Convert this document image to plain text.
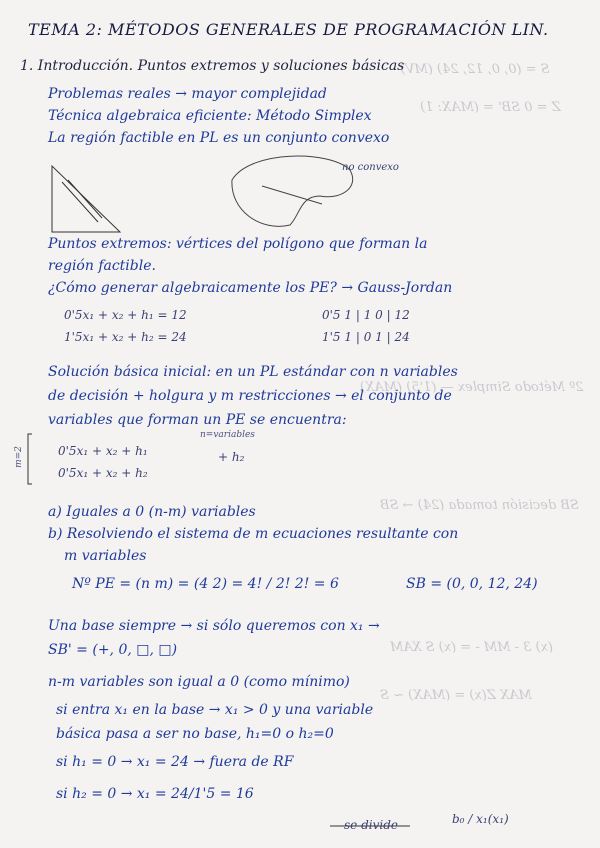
S = (0, 0, 12, 24) (MV)
Z = 0 SB' = (MAX: 1)
2º Método Simplex — (1'5) (MAX)
SB decisión tomada (24) → SB
(x) 3 - MM - = (x) Ѕ XAM
MAX Z(x) = (MAX) ~ Ѕ
TEMA 2: MÉTODOS GENERALES DE PROGRAMACIÓN LIN.
1. Introducción. Puntos extremos y soluciones básicas
Problemas reales → mayor complejidad
Técnica algebraica eficiente: Método Simplex
La región factible en PL es un conjunto convexo
no convexo
Puntos extremos: vértices del polígono que forman la
región factible.
¿Cómo generar algebraicamente los PE? → Gauss-Jordan
0'5x₁ + x₂ + h₁ = 12
1'5x₁ + x₂ + h₂ = 24
0'5 1 | 1 0 | 12
1'5 1 | 0 1 | 24
Solución básica inicial: en un PL estándar con n variables
de decisión + holgura y m restricciones → el conjunto de
variables que forman un PE se encuentra:
n=variables
m=2	0'5x₁ + x₂ + h₁	+ h₂
0'5x₁ + x₂ + h₂
a) Iguales a 0 (n-m) variables
b) Resolviendo el sistema de m ecuaciones resultante con
m variables
Nº PE = (n m) = (4 2) = 4! / 2! 2! = 6	SB = (0, 0, 12, 24)
Una base siempre → si sólo queremos con x₁ →
SB' = (+, 0, □, □)
n-m variables son igual a 0 (como mínimo)
si entra x₁ en la base → x₁ > 0 y una variable
básica pasa a ser no base, h₁=0 o h₂=0
si h₁ = 0 → x₁ = 24 → fuera de RF
si h₂ = 0 → x₁ = 24/1'5 = 16
se divide	b₀ / x₁(x₁)
